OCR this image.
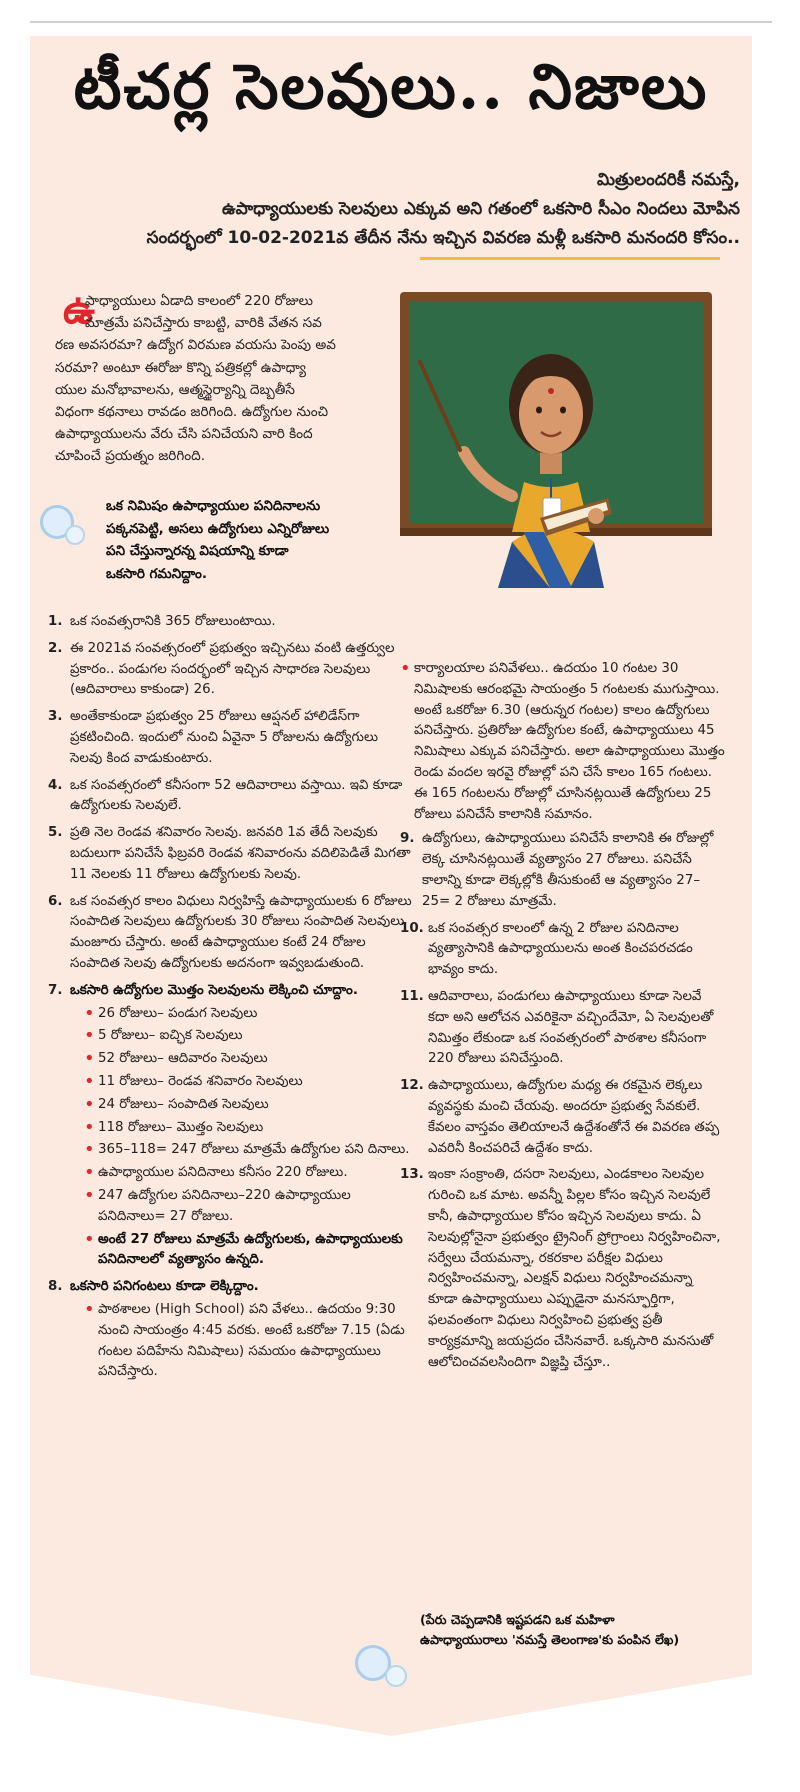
టీచర్ల సెలవులు.. నిజాలు
మిత్రులందరికీ నమస్తే,
ఉపాధ్యాయులకు సెలవులు ఎక్కువ అని గతంలో ఒకసారి సీఎం నిందలు మోపిన
సందర్భంలో 10-02-2021వ తేదీన నేను ఇచ్చిన వివరణ మళ్లీ ఒకసారి మనందరి కోసం..
ఉ
పాధ్యాయులు ఏడాది కాలంలో 220 రోజులు
మాత్రమే పనిచేస్తారు కాబట్టి, వారికి వేతన సవ
రణ అవసరమా? ఉద్యోగ విరమణ వయసు పెంపు అవ
సరమా? అంటూ ఈరోజు కొన్ని పత్రికల్లో ఉపాధ్యా
యుల మనోభావాలను, ఆత్మస్థైర్యాన్ని దెబ్బతీసే
విధంగా కథనాలు రావడం జరిగింది. ఉద్యోగుల నుంచి
ఉపాధ్యాయులను వేరు చేసి పనిచేయని వారి కింద
చూపించే ప్రయత్నం జరిగింది.
ఒక నిమిషం ఉపాధ్యాయుల పనిదినాలను
పక్కనపెట్టి, అసలు ఉద్యోగులు ఎన్నిరోజులు
పని చేస్తున్నారన్న విషయాన్ని కూడా
ఒకసారి గమనిద్దాం.
1. ఒక సంవత్సరానికి 365 రోజులుంటాయి.
2. ఈ 2021వ సంవత్సరంలో ప్రభుత్వం ఇచ్చినటు వంటి ఉత్తర్వుల ప్రకారం.. పండుగల సందర్భంలో ఇచ్చిన సాధారణ సెలవులు (ఆదివారాలు కాకుండా) 26.
3. అంతేకాకుండా ప్రభుత్వం 25 రోజులు ఆప్షనల్ హాలిడేస్‌గా ప్రకటించింది. ఇందులో నుంచి ఏవైనా 5 రోజులను ఉద్యోగులు సెలవు కింద వాడుకుంటారు.
4. ఒక సంవత్సరంలో కనీసంగా 52 ఆదివారాలు వస్తాయి. ఇవి కూడా ఉద్యోగులకు సెలవులే.
5. ప్రతి నెల రెండవ శనివారం సెలవు. జనవరి 1వ తేదీ సెలవుకు బదులుగా పనిచేసే ఫిబ్రవరి రెండవ శనివారంను వదిలిపెడితే మిగతా 11 నెలలకు 11 రోజులు ఉద్యోగులకు సెలవు.
6. ఒక సంవత్సర కాలం విధులు నిర్వహిస్తే ఉపాధ్యాయులకు 6 రోజులు సంపాదిత సెలవులు ఉద్యోగులకు 30 రోజులు సంపాదిత సెలవులు మంజూరు చేస్తారు. అంటే ఉపాధ్యాయుల కంటే 24 రోజుల సంపాదిత సెలవు ఉద్యోగులకు అదనంగా ఇవ్వబడుతుంది.
7. ఒకసారి ఉద్యోగుల మొత్తం సెలవులను లెక్కించి చూద్దాం.
• 26 రోజులు– పండుగ సెలవులు
• 5 రోజులు– ఐచ్ఛిక సెలవులు
• 52 రోజులు– ఆదివారం సెలవులు
• 11 రోజులు– రెండవ శనివారం సెలవులు
• 24 రోజులు– సంపాదిత సెలవులు
• 118 రోజులు– మొత్తం సెలవులు
• 365–118= 247 రోజులు మాత్రమే ఉద్యోగుల పని దినాలు.
• ఉపాధ్యాయుల పనిదినాలు కనీసం 220 రోజులు.
• 247 ఉద్యోగుల పనిదినాలు–220 ఉపాధ్యాయుల పనిదినాలు= 27 రోజులు.
• అంటే 27 రోజులు మాత్రమే ఉద్యోగులకు, ఉపాధ్యాయులకు పనిదినాలలో వ్యత్యాసం ఉన్నది.
8. ఒకసారి పనిగంటలు కూడా లెక్కిద్దాం.
• పాఠశాలల (High School) పని వేళలు.. ఉదయం 9:30 నుంచి సాయంత్రం 4:45 వరకు. అంటే ఒకరోజు 7.15 (ఏడు గంటల పదిహేను నిమిషాలు) సమయం ఉపాధ్యాయులు పనిచేస్తారు.
• కార్యాలయాల పనివేళలు.. ఉదయం 10 గంటల 30 నిమిషాలకు ఆరంభమై సాయంత్రం 5 గంటలకు ముగుస్తాయి. అంటే ఒకరోజు 6.30 (ఆరున్నర గంటల) కాలం ఉద్యోగులు పనిచేస్తారు. ప్రతిరోజు ఉద్యోగుల కంటే, ఉపాధ్యాయులు 45 నిమిషాలు ఎక్కువ పనిచేస్తారు. అలా ఉపాధ్యాయులు మొత్తం రెండు వందల ఇరవై రోజుల్లో పని చేసే కాలం 165 గంటలు. ఈ 165 గంటలను రోజుల్లో చూసినట్లయితే ఉద్యోగులు 25 రోజులు పనిచేసే కాలానికి సమానం.
9. ఉద్యోగులు, ఉపాధ్యాయులు పనిచేసే కాలానికి ఈ రోజుల్లో లెక్క చూసినట్లయితే వ్యత్యాసం 27 రోజులు. పనిచేసే కాలాన్ని కూడా లెక్కల్లోకి తీసుకుంటే ఆ వ్యత్యాసం 27–25= 2 రోజులు మాత్రమే.
10. ఒక సంవత్సర కాలంలో ఉన్న 2 రోజుల పనిదినాల వ్యత్యాసానికి ఉపాధ్యాయులను అంత కించపరచడం భావ్యం కాదు.
11. ఆదివారాలు, పండుగలు ఉపాధ్యాయులు కూడా సెలవే కదా అని ఆలోచన ఎవరికైనా వచ్చిందేమో, ఏ సెలవులతో నిమిత్తం లేకుండా ఒక సంవత్సరంలో పాఠశాల కనీసంగా 220 రోజులు పనిచేస్తుంది.
12. ఉపాధ్యాయులు, ఉద్యోగుల మధ్య ఈ రకమైన లెక్కలు వ్యవస్థకు మంచి చేయవు. అందరూ ప్రభుత్వ సేవకులే. కేవలం వాస్తవం తెలియాలనే ఉద్దేశంతోనే ఈ వివరణ తప్ప ఎవరినీ కించపరిచే ఉద్దేశం కాదు.
13. ఇంకా సంక్రాంతి, దసరా సెలవులు, ఎండకాలం సెలవుల గురించి ఒక మాట. అవన్నీ పిల్లల కోసం ఇచ్చిన సెలవులే కానీ, ఉపాధ్యాయుల కోసం ఇచ్చిన సెలవులు కాదు. ఏ సెలవుల్లోనైనా ప్రభుత్వం ట్రైనింగ్ ప్రోగ్రాంలు నిర్వహించినా, సర్వేలు చేయమన్నా, రకరకాల పరీక్షల విధులు నిర్వహించమన్నా, ఎలక్షన్ విధులు నిర్వహించమన్నా కూడా ఉపాధ్యాయులు ఎప్పుడైనా మనస్ఫూర్తిగా, ఫలవంతంగా విధులు నిర్వహించి ప్రభుత్వ ప్రతీ కార్యక్రమాన్ని జయప్రదం చేసినవారే. ఒక్కసారి మనసుతో ఆలోచించవలసిందిగా విజ్ఞప్తి చేస్తూ..
(పేరు చెప్పడానికి ఇష్టపడని ఒక మహిళా ఉపాధ్యాయురాలు 'నమస్తే తెలంగాణ'కు పంపిన లేఖ)
